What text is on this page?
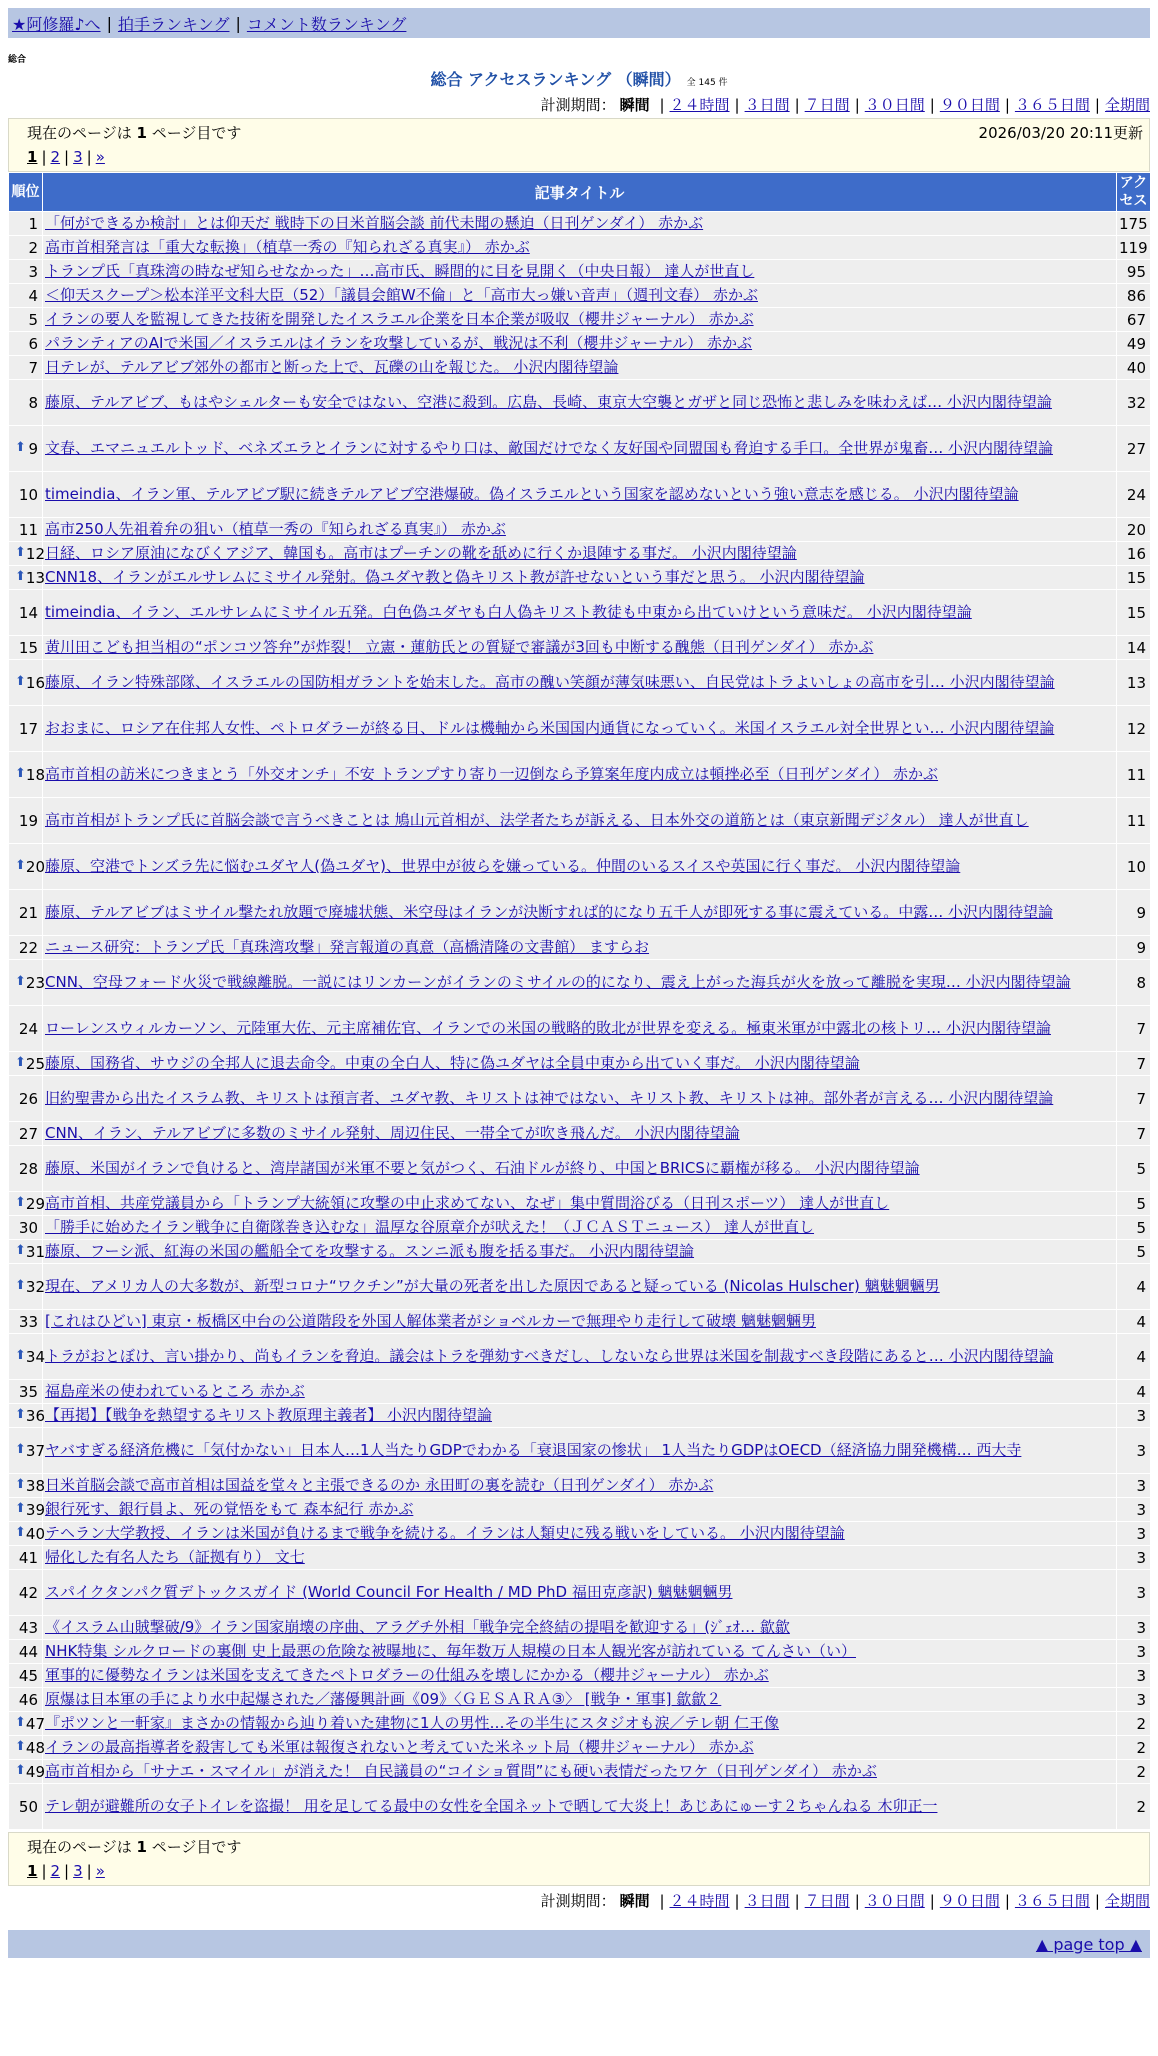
★阿修羅♪へ | 拍手ランキング | コメント数ランキング
総合
総合 アクセスランキング （瞬間） 全 145 件
計測期間： 瞬間 | ２４時間 | ３日間 | ７日間 | ３０日間 | ９０日間 | ３６５日間 | 全期間
現在のページは 1 ページ目です	2026/03/20 20:11更新
1 | 2 | 3 | »
順位	記事タイトル	アクセス
1	「何ができるか検討」とは仰天だ 戦時下の日米首脳会談 前代未聞の懸迫（日刊ゲンダイ） 赤かぶ	175
2	高市首相発言は「重大な転換」（植草一秀の『知られざる真実』） 赤かぶ	119
3	トランプ氏「真珠湾の時なぜ知らせなかった」…高市氏、瞬間的に目を見開く（中央日報） 達人が世直し	95
4	＜仰天スクープ＞松本洋平文科大臣（52）「議員会館W不倫」と「高市大っ嫌い音声」（週刊文春） 赤かぶ	86
5	イランの要人を監視してきた技術を開発したイスラエル企業を日本企業が吸収（櫻井ジャーナル） 赤かぶ	67
6	パランティアのAIで米国／イスラエルはイランを攻撃しているが、戦況は不利（櫻井ジャーナル） 赤かぶ	49
7	日テレが、テルアビブ郊外の都市と断った上で、瓦礫の山を報じた。 小沢内閣待望論	40
8	藤原、テルアビブ、もはやシェルターも安全ではない、空港に殺到。広島、長崎、東京大空襲とガザと同じ恐怖と悲しみを味わえば… 小沢内閣待望論	32

⬆ 9	文春、エマニュエルトッド、ベネズエラとイランに対するやり口は、敵国だけでなく友好国や同盟国も脅迫する手口。全世界が鬼畜… 小沢内閣待望論	27
10	timeindia、イラン軍、テルアビブ駅に続きテルアビブ空港爆破。偽イスラエルという国家を認めないという強い意志を感じる。 小沢内閣待望論	24
11	高市250人先祖着弁の狙い（植草一秀の『知られざる真実』） 赤かぶ	20

⬆ 12	日経、ロシア原油になびくアジア、韓国も。高市はプーチンの靴を舐めに行くか退陣する事だ。 小沢内閣待望論	16

⬆ 13	CNN18、イランがエルサレムにミサイル発射。偽ユダヤ教と偽キリスト教が許せないという事だと思う。 小沢内閣待望論	15
14	timeindia、イラン、エルサレムにミサイル五発。白色偽ユダヤも白人偽キリスト教徒も中東から出ていけという意味だ。 小沢内閣待望論	15
15	黄川田こども担当相の“ポンコツ答弁”が炸裂！ 立憲・蓮舫氏との質疑で審議が3回も中断する醜態（日刊ゲンダイ） 赤かぶ	14

⬆ 16	藤原、イラン特殊部隊、イスラエルの国防相ガラントを始末した。高市の醜い笑顔が薄気味悪い、自民党はトラよいしょの高市を引… 小沢内閣待望論	13
17	おおまに、ロシア在住邦人女性、ペトロダラーが終る日、ドルは機軸から米国国内通貨になっていく。米国イスラエル対全世界とい… 小沢内閣待望論	12

⬆ 18	高市首相の訪米につきまとう「外交オンチ」不安 トランプすり寄り一辺倒なら予算案年度内成立は頓挫必至（日刊ゲンダイ） 赤かぶ	11
19	高市首相がトランプ氏に首脳会談で言うべきことは 鳩山元首相が、法学者たちが訴える、日本外交の道筋とは（東京新聞デジタル） 達人が世直し	11

⬆ 20	藤原、空港でトンズラ先に悩むユダヤ人(偽ユダヤ)、世界中が彼らを嫌っている。仲間のいるスイスや英国に行く事だ。 小沢内閣待望論	10
21	藤原、テルアビブはミサイル撃たれ放題で廃墟状態、米空母はイランが決断すれば的になり五千人が即死する事に震えている。中露… 小沢内閣待望論	9
22	ニュース研究：トランプ氏「真珠湾攻撃」発言報道の真意（高橋清隆の文書館） ますらお	9

⬆ 23	CNN、空母フォード火災で戦線離脱。一説にはリンカーンがイランのミサイルの的になり、震え上がった海兵が火を放って離脱を実現… 小沢内閣待望論	8
24	ローレンスウィルカーソン、元陸軍大佐、元主席補佐官、イランでの米国の戦略的敗北が世界を変える。極東米軍が中露北の核トリ… 小沢内閣待望論	7

⬆ 25	藤原、国務省、サウジの全邦人に退去命令。中東の全白人、特に偽ユダヤは全員中東から出ていく事だ。 小沢内閣待望論	7
26	旧約聖書から出たイスラム教、キリストは預言者、ユダヤ教、キリストは神ではない、キリスト教、キリストは神。部外者が言える… 小沢内閣待望論	7
27	CNN、イラン、テルアビブに多数のミサイル発射、周辺住民、一帯全てが吹き飛んだ。 小沢内閣待望論	7
28	藤原、米国がイランで負けると、湾岸諸国が米軍不要と気がつく、石油ドルが終り、中国とBRICSに覇権が移る。 小沢内閣待望論	5

⬆ 29	高市首相、共産党議員から「トランプ大統領に攻撃の中止求めてない、なぜ」集中質問浴びる（日刊スポーツ） 達人が世直し	5
30	「勝手に始めたイラン戦争に自衛隊巻き込むな」温厚な谷原章介が吠えた！（ＪＣＡＳＴニュース） 達人が世直し	5

⬆ 31	藤原、フーシ派、紅海の米国の艦船全てを攻撃する。スンニ派も腹を括る事だ。 小沢内閣待望論	5

⬆ 32	現在、アメリカ人の大多数が、新型コロナ“ワクチン”が大量の死者を出した原因であると疑っている (Nicolas Hulscher) 魑魅魍魎男	4
33	[これはひどい] 東京・板橋区中台の公道階段を外国人解体業者がショベルカーで無理やり走行して破壊 魑魅魍魎男	4

⬆ 34	トラがおとぼけ、言い掛かり、尚もイランを脅迫。議会はトラを弾劾すべきだし、しないなら世界は米国を制裁すべき段階にあると… 小沢内閣待望論	4
35	福島産米の使われているところ 赤かぶ	4

⬆ 36	【再掲】【戦争を熱望するキリスト教原理主義者】 小沢内閣待望論	3

⬆ 37	ヤバすぎる経済危機に「気付かない」日本人…1人当たりGDPでわかる「衰退国家の惨状」 1人当たりGDPはOECD（経済協力開発機構… 西大寺	3

⬆ 38	日米首脳会談で高市首相は国益を堂々と主張できるのか 永田町の裏を読む（日刊ゲンダイ） 赤かぶ	3

⬆ 39	銀行死す、銀行員よ、死の覚悟をもて 森本紀行 赤かぶ	3

⬆ 40	テヘラン大学教授、イランは米国が負けるまで戦争を続ける。イランは人類史に残る戦いをしている。 小沢内閣待望論	3
41	帰化した有名人たち（証拠有り） 文七	3
42	スパイクタンパク質デトックスガイド (World Council For Health / MD PhD 福田克彦訳) 魑魅魍魎男	3
43	《イスラム山賊撃破/9》イラン国家崩壊の序曲、アラグチ外相「戦争完全終結の提唱を歓迎する」(ｼﾞｪｵ… 歙歙	3
44	NHK特集 シルクロードの裏側 史上最悪の危険な被曝地に、毎年数万人規模の日本人観光客が訪れている てんさい（い）	3
45	軍事的に優勢なイランは米国を支えてきたペトロダラーの仕組みを壊しにかかる（櫻井ジャーナル） 赤かぶ	3
46	原爆は日本軍の手により水中起爆された／藩優興計画《09》〈ＧＥＳＡＲＡ③〉 [戦争・軍事] 歙歙２	3

⬆ 47	『ポツンと一軒家』まさかの情報から辿り着いた建物に1人の男性…その半生にスタジオも涙／テレ朝 仁王像	2

⬆ 48	イランの最高指導者を殺害しても米軍は報復されないと考えていた米ネット局（櫻井ジャーナル） 赤かぶ	2

⬆ 49	高市首相から「サナエ・スマイル」が消えた！ 自民議員の“コイショ質問”にも硬い表情だったワケ（日刊ゲンダイ） 赤かぶ	2
50	テレ朝が避難所の女子トイレを盗撮！ 用を足してる最中の女性を全国ネットで晒して大炎上！あじあにゅーす２ちゃんねる 木卯正一	2
現在のページは 1 ページ目です
1 | 2 | 3 | »
計測期間： 瞬間 | ２４時間 | ３日間 | ７日間 | ３０日間 | ９０日間 | ３６５日間 | 全期間
▲ page top ▲
